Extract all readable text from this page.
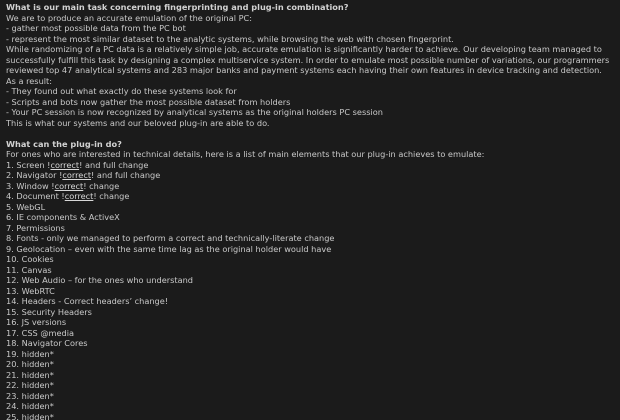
What is our main task concerning fingerprinting and plug-in combination?
We are to produce an accurate emulation of the original PC:
- gather most possible data from the PC bot
- represent the most similar dataset to the analytic systems, while browsing the web with chosen fingerprint.
While randomizing of a PC data is a relatively simple job, accurate emulation is significantly harder to achieve. Our developing team managed to successfully fulfill this task by designing a complex multiservice system. In order to emulate most possible number of variations, our programmers reviewed top 47 analytical systems and 283 major banks and payment systems each having their own features in device tracking and detection.
As a result:
- They found out what exactly do these systems look for
- Scripts and bots now gather the most possible dataset from holders
- Your PC session is now recognized by analytical systems as the original holders PC session
This is what our systems and our beloved plug-in are able to do.
What can the plug-in do?
For ones who are interested in technical details, here is a list of main elements that our plug-in achieves to emulate:
1. Screen !correct! and full change
2. Navigator !correct! and full change
3. Window !correct! change
4. Document !correct! change
5. WebGL
6. IE components & ActiveX
7. Permissions
8. Fonts - only we managed to perform a correct and technically-literate change
9. Geolocation – even with the same time lag as the original holder would have
10. Cookies
11. Canvas
12. Web Audio – for the ones who understand
13. WebRTC
14. Headers - Correct headers’ change!
15. Security Headers
16. JS versions
17. CSS @media
18. Navigator Cores
19. hidden*
20. hidden*
21. hidden*
22. hidden*
23. hidden*
24. hidden*
25. hidden*
